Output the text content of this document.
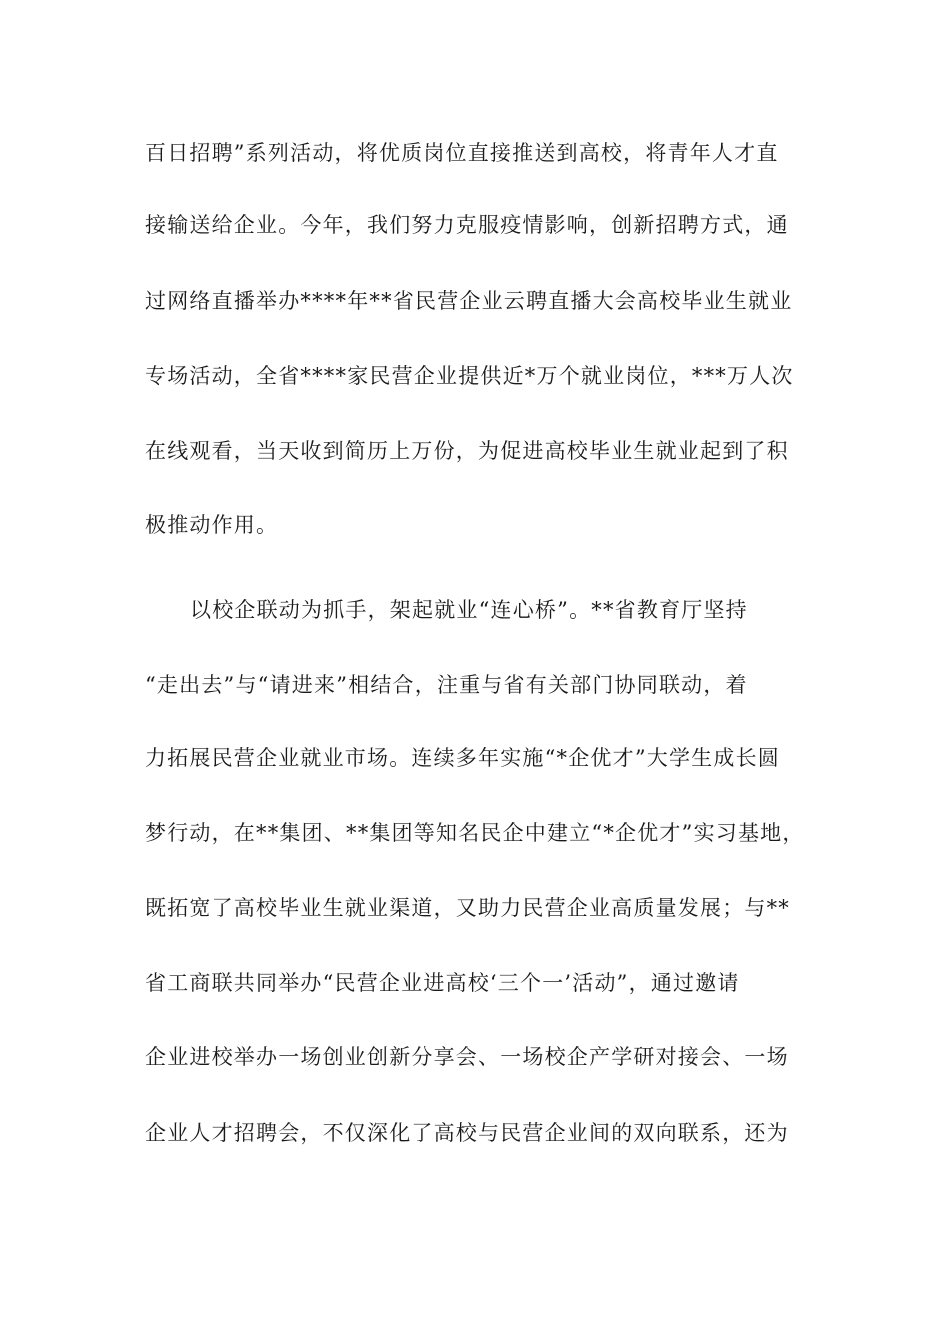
百日招聘”系列活动，将优质岗位直接推送到高校，将青年人才直
接输送给企业。今年，我们努力克服疫情影响，创新招聘方式，通
过网络直播举办****年**省民营企业云聘直播大会高校毕业生就业
专场活动，全省****家民营企业提供近*万个就业岗位，***万人次
在线观看，当天收到简历上万份，为促进高校毕业生就业起到了积
极推动作用。
以校企联动为抓手，架起就业“连心桥”。**省教育厅坚持
“走出去”与“请进来”相结合，注重与省有关部门协同联动，着
力拓展民营企业就业市场。连续多年实施“*企优才”大学生成长圆
梦行动，在**集团、**集团等知名民企中建立“*企优才”实习基地，
既拓宽了高校毕业生就业渠道，又助力民营企业高质量发展；与**
省工商联共同举办“民营企业进高校‘三个一’活动”，通过邀请
企业进校举办一场创业创新分享会、一场校企产学研对接会、一场
企业人才招聘会，不仅深化了高校与民营企业间的双向联系，还为
